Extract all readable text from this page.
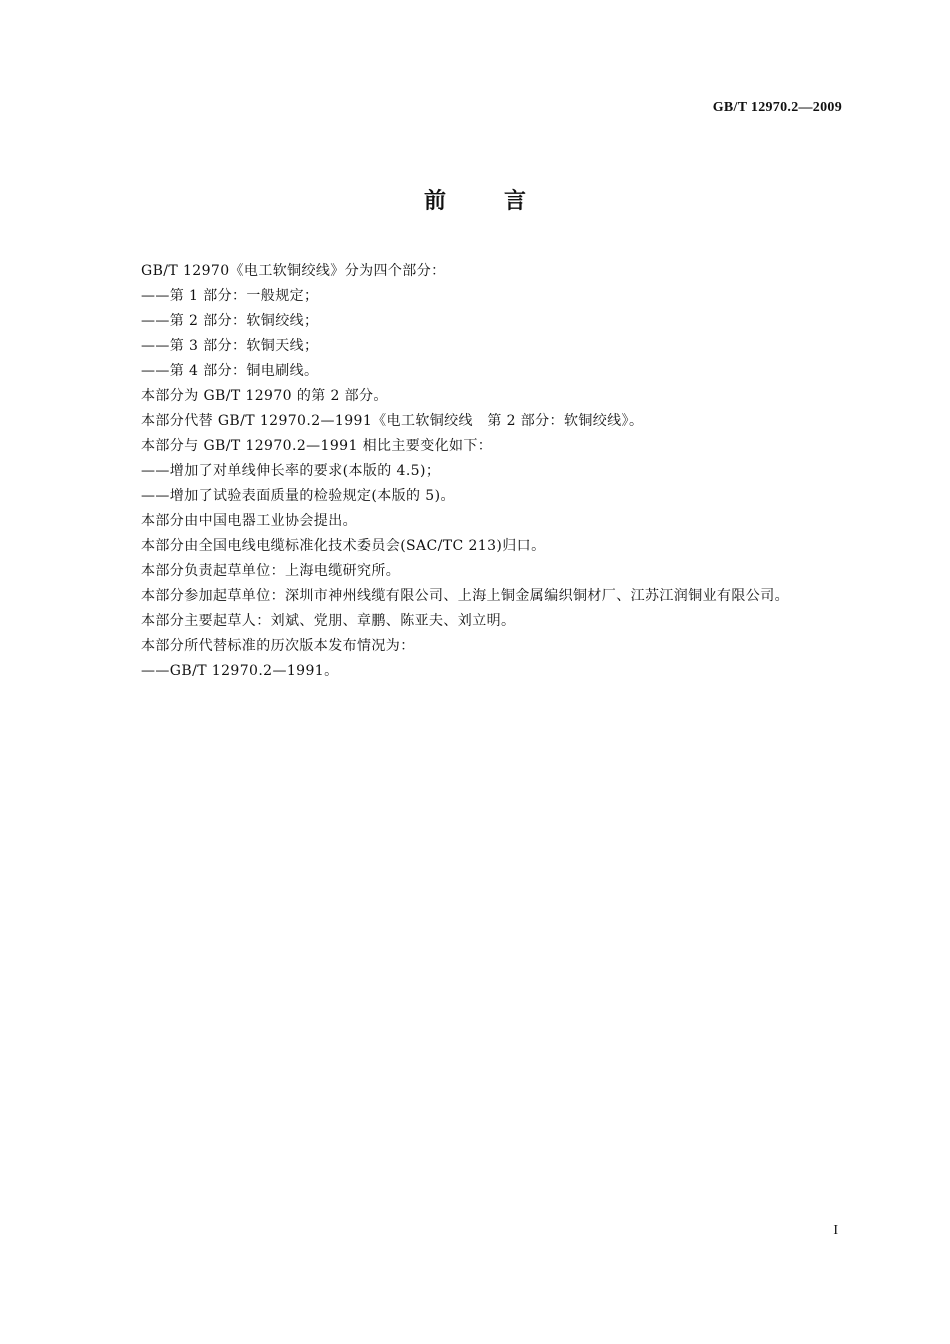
GB/T 12970.2—2009
前言

GB/T 12970《电工软铜绞线》分为四个部分：

——第 1 部分：一般规定；

——第 2 部分：软铜绞线；

——第 3 部分：软铜天线；

——第 4 部分：铜电刷线。

本部分为 GB/T 12970 的第 2 部分。

本部分代替 GB/T 12970.2—1991《电工软铜绞线　第 2 部分：软铜绞线》。

本部分与 GB/T 12970.2—1991 相比主要变化如下：

——增加了对单线伸长率的要求(本版的 4.5)；

——增加了试验表面质量的检验规定(本版的 5)。

本部分由中国电器工业协会提出。

本部分由全国电线电缆标准化技术委员会(SAC/TC 213)归口。

本部分负责起草单位：上海电缆研究所。

本部分参加起草单位：深圳市神州线缆有限公司、上海上铜金属编织铜材厂、江苏江润铜业有限公司。

本部分主要起草人：刘斌、党朋、章鹏、陈亚夫、刘立明。

本部分所代替标准的历次版本发布情况为：

——GB/T 12970.2—1991。

I
